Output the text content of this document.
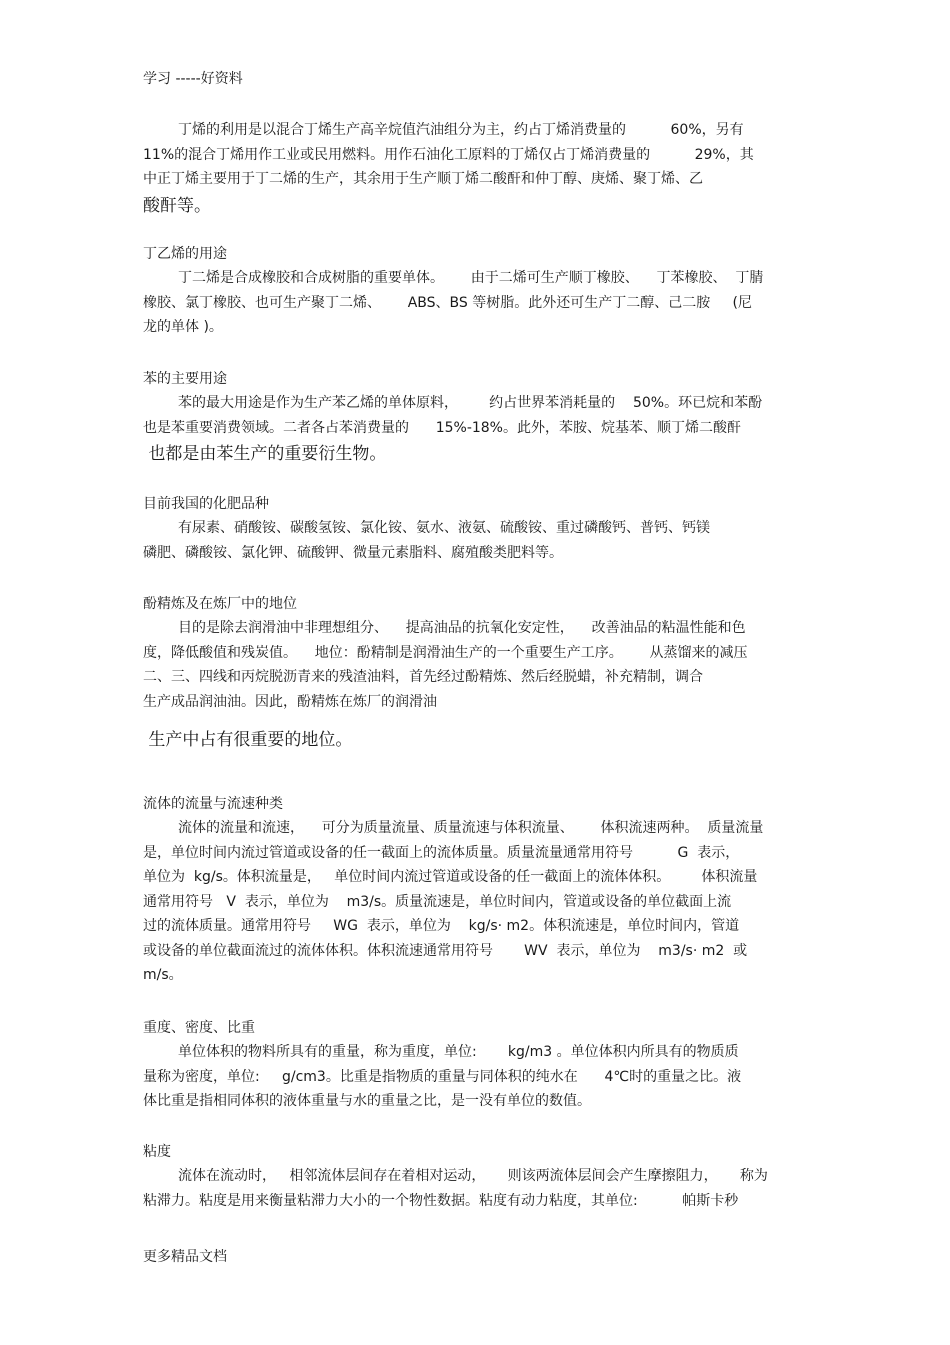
学习 -----好资料

丁烯的利用是以混合丁烯生产高辛烷值汽油组分为主，约占丁烯消费量的          60%，另有

11%的混合丁烯用作工业或民用燃料。用作石油化工原料的丁烯仅占丁烯消费量的          29%，其

中正丁烯主要用于丁二烯的生产，其余用于生产顺丁烯二酸酐和仲丁醇、庚烯、聚丁烯、乙

酸酐等。

丁乙烯的用途

丁二烯是合成橡胶和合成树脂的重要单体。      由于二烯可生产顺丁橡胶、    丁苯橡胶、  丁腈

橡胶、氯丁橡胶、也可生产聚丁二烯、      ABS、BS 等树脂。此外还可生产丁二醇、己二胺     (尼

龙的单体 )。

苯的主要用途

苯的最大用途是作为生产苯乙烯的单体原料，       约占世界苯消耗量的    50%。环已烷和苯酚

也是苯重要消费领域。二者各占苯消费量的      15%-18%。此外，苯胺、烷基苯、顺丁烯二酸酐

也都是由苯生产的重要衍生物。

目前我国的化肥品种

有尿素、硝酸铵、碳酸氢铵、氯化铵、氨水、液氨、硫酸铵、重过磷酸钙、普钙、钙镁

磷肥、磷酸铵、氯化钾、硫酸钾、微量元素脂料、腐殖酸类肥料等。

酚精炼及在炼厂中的地位

目的是除去润滑油中非理想组分、    提高油品的抗氧化安定性，    改善油品的粘温性能和色

度，降低酸值和残炭值。    地位：酚精制是润滑油生产的一个重要生产工序。      从蒸馏来的减压

二、三、四线和丙烷脱沥青来的残渣油料，首先经过酚精炼、然后经脱蜡，补充精制，调合

生产成品润油油。因此，酚精炼在炼厂的润滑油

生产中占有很重要的地位。

流体的流量与流速种类

流体的流量和流速，    可分为质量流量、质量流速与体积流量、      体积流速两种。  质量流量

是，单位时间内流过管道或设备的任一截面上的流体质量。质量流量通常用符号          G  表示，

单位为  kg/s。体积流量是，   单位时间内流过管道或设备的任一截面上的流体体积。       体积流量

通常用符号   V  表示，单位为    m3/s。质量流速是，单位时间内，管道或设备的单位截面上流

过的流体质量。通常用符号     WG  表示，单位为    kg/s· m2。体积流速是，单位时间内，管道

或设备的单位截面流过的流体体积。体积流速通常用符号       WV  表示，单位为    m3/s· m2  或

m/s。

重度、密度、比重

单位体积的物料所具有的重量，称为重度，单位:       kg/m3 。单位体积内所具有的物质质

量称为密度，单位:     g/cm3。比重是指物质的重量与同体积的纯水在      4℃时的重量之比。液

体比重是指相同体积的液体重量与水的重量之比，是一没有单位的数值。

粘度

流体在流动时，   相邻流体层间存在着相对运动，     则该两流体层间会产生摩擦阻力，     称为

粘滞力。粘度是用来衡量粘滞力大小的一个物性数据。粘度有动力粘度，其单位:          帕斯卡秒

更多精品文档
